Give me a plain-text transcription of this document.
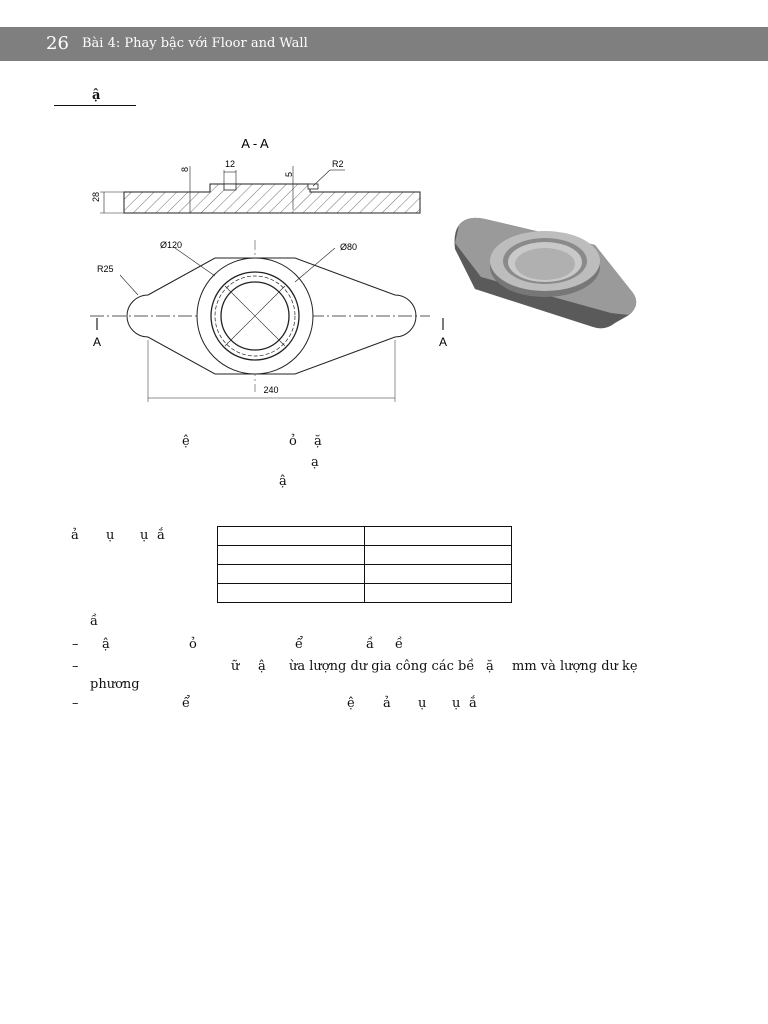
26 Bài 4: Phay bậc với Floor and Wall
ậ
A - A
28
8
12
5
R2
Ø120	Ø80
R25
240
A	A
ệ	ỏ ặ
ạ
ậ
ả ụ ụ ắ

ầ
– ậ	ỏ	ể	ầ ề
–	ữ ậ ừa lượng dư gia công các bề ặ mm và lượng dư kẹ
phương
–	ể	ệ ả ụ ụ ắ
